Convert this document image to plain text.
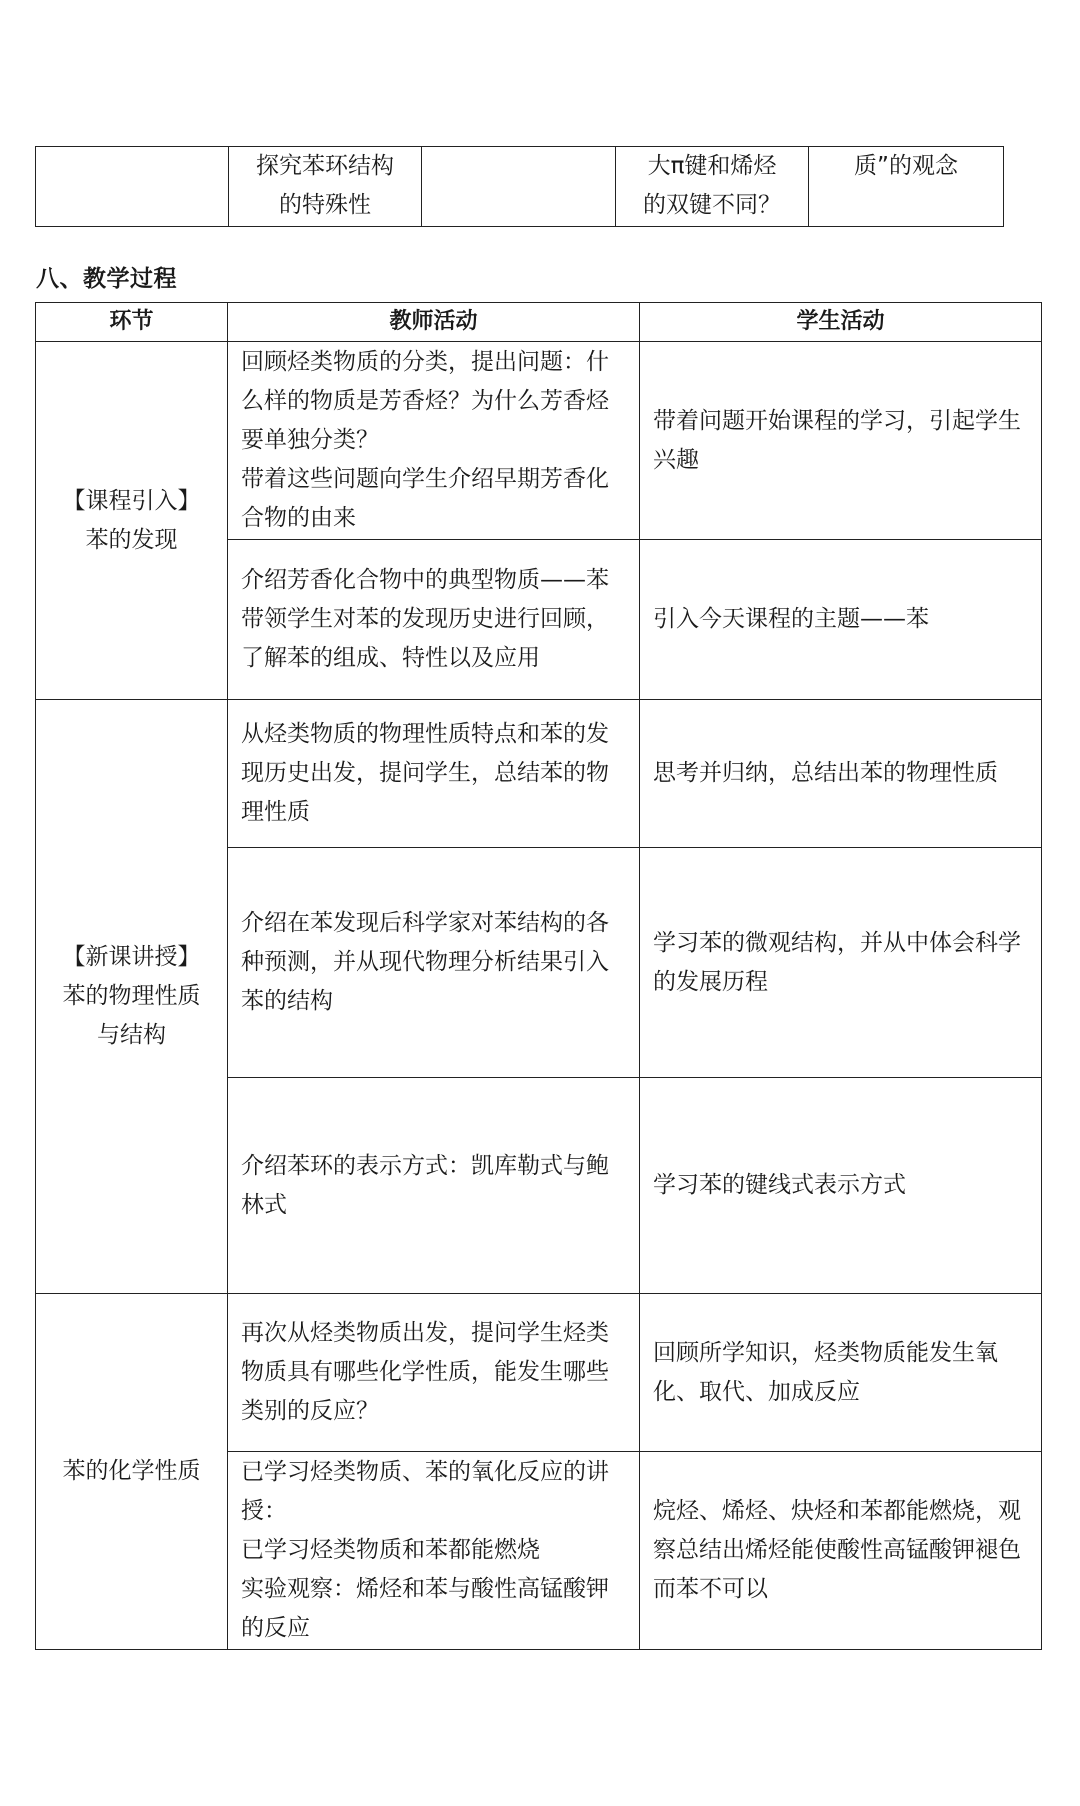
	探究苯环结构的特殊性		大π键和烯烃的双键不同？	质”的观念
八、教学过程
环节	教师活动	学生活动

【课程引入】
苯的发现	回顾烃类物质的分类，提出问题：什么样的物质是芳香烃？为什么芳香烃要单独分类？
带着这些问题向学生介绍早期芳香化合物的由来	带着问题开始课程的学习，引起学生兴趣

	介绍芳香化合物中的典型物质——苯
带领学生对苯的发现历史进行回顾，了解苯的组成、特性以及应用	引入今天课程的主题——苯

【新课讲授】
苯的物理性质与结构	从烃类物质的物理性质特点和苯的发现历史出发，提问学生，总结苯的物理性质	思考并归纳，总结出苯的物理性质

	介绍在苯发现后科学家对苯结构的各种预测，并从现代物理分析结果引入苯的结构	学习苯的微观结构，并从中体会科学的发展历程

	介绍苯环的表示方式：凯库勒式与鲍林式	学习苯的键线式表示方式

苯的化学性质	再次从烃类物质出发，提问学生烃类物质具有哪些化学性质，能发生哪些类别的反应？	回顾所学知识，烃类物质能发生氧化、取代、加成反应

	已学习烃类物质、苯的氧化反应的讲授：
已学习烃类物质和苯都能燃烧
实验观察：烯烃和苯与酸性高锰酸钾的反应	烷烃、烯烃、炔烃和苯都能燃烧，观察总结出烯烃能使酸性高锰酸钾褪色而苯不可以
